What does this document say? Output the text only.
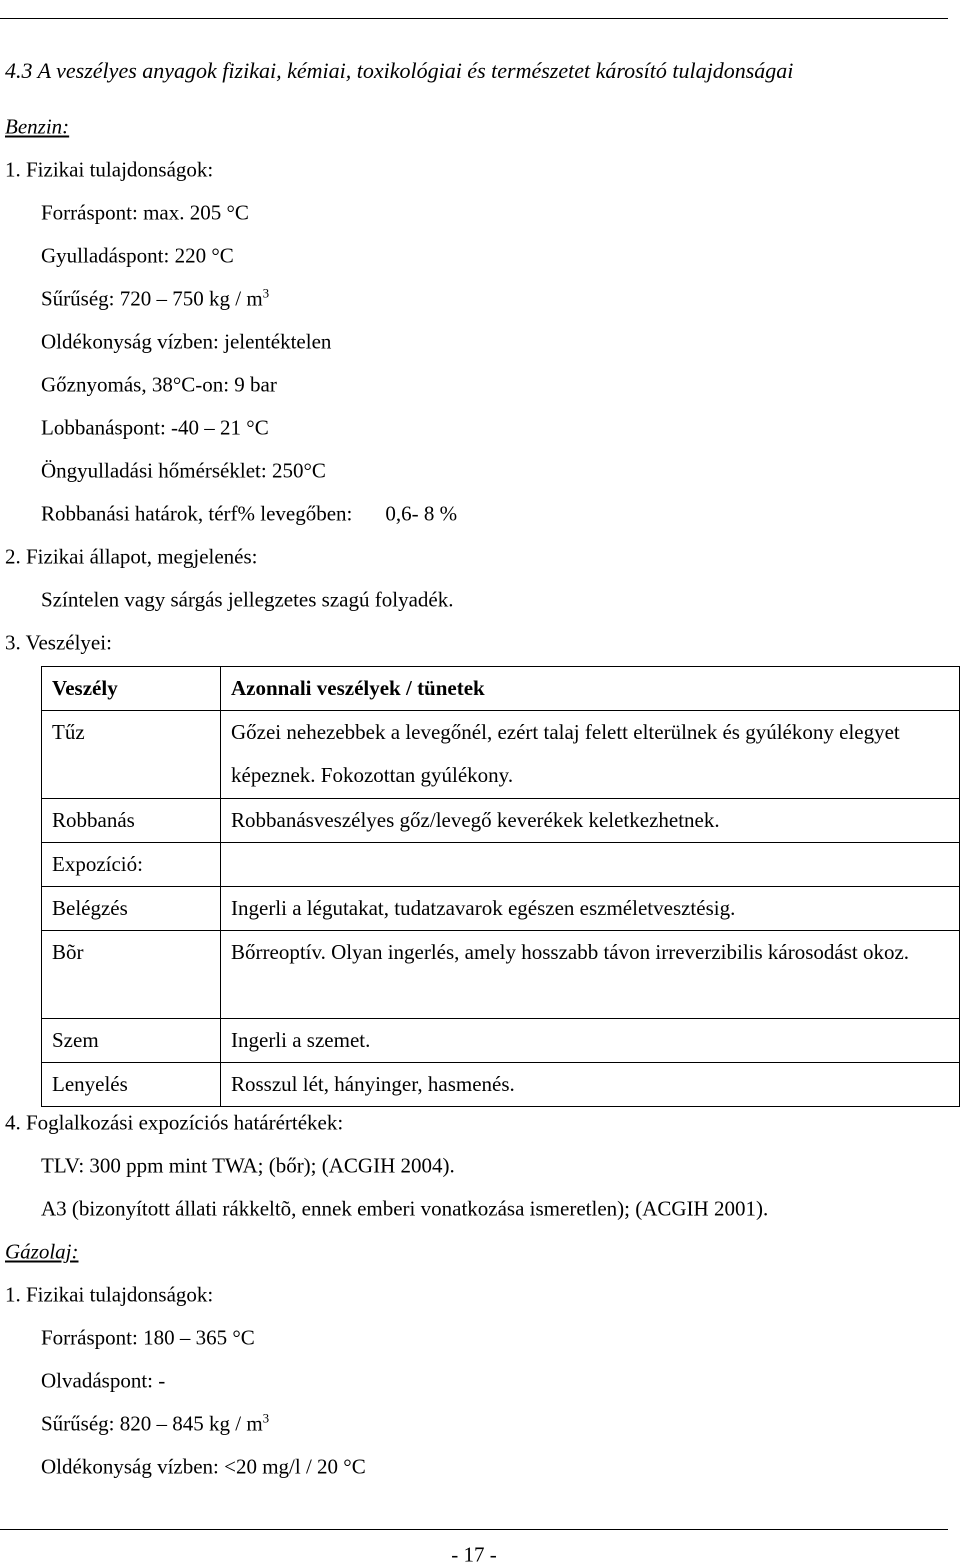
4.3 A veszélyes anyagok fizikai, kémiai, toxikológiai és természetet károsító tulajdonságai
Benzin:
1. Fizikai tulajdonságok:
Forráspont: max. 205 °C
Gyulladáspont: 220 °C
Sűrűség: 720 – 750 kg / $m^3$
Oldékonyság vízben: jelentéktelen
Gőznyomás, 38°C-on: 9 bar
Lobbanáspont: -40 – 21 °C
Öngyulladási hőmérséklet: 250°C
Robbanási határok, térf% levegőben: 0,6- 8 %
2. Fizikai állapot, megjelenés:
Színtelen vagy sárgás jellegzetes szagú folyadék.
3. Veszélyei:
Veszély	Azonnali veszélyek / tünetek
Tűz	Gőzei nehezebbek a levegőnél, ezért talaj felett elterülnek és gyúlékony elegyet képeznek. Fokozottan gyúlékony.
Robbanás	Robbanásveszélyes gőz/levegő keverékek keletkezhetnek.
Expozíció:	
Belégzés	Ingerli a légutakat, tudatzavarok egészen eszméletvesztésig.
Bõr	Bőrreoptív. Olyan ingerlés, amely hosszabb távon irreverzibilis károsodást okoz.
Szem	Ingerli a szemet.
Lenyelés	Rosszul lét, hányinger, hasmenés.
4. Foglalkozási expozíciós határértékek:
TLV: 300 ppm mint TWA; (bőr); (ACGIH 2004).
A3 (bizonyított állati rákkeltõ, ennek emberi vonatkozása ismeretlen); (ACGIH 2001).
Gázolaj:
1. Fizikai tulajdonságok:
Forráspont: 180 – 365 °C
Olvadáspont: -
Sűrűség: 820 – 845 kg / $m^3$
Oldékonyság vízben: <20 mg/l / 20 °C
- 17 -
